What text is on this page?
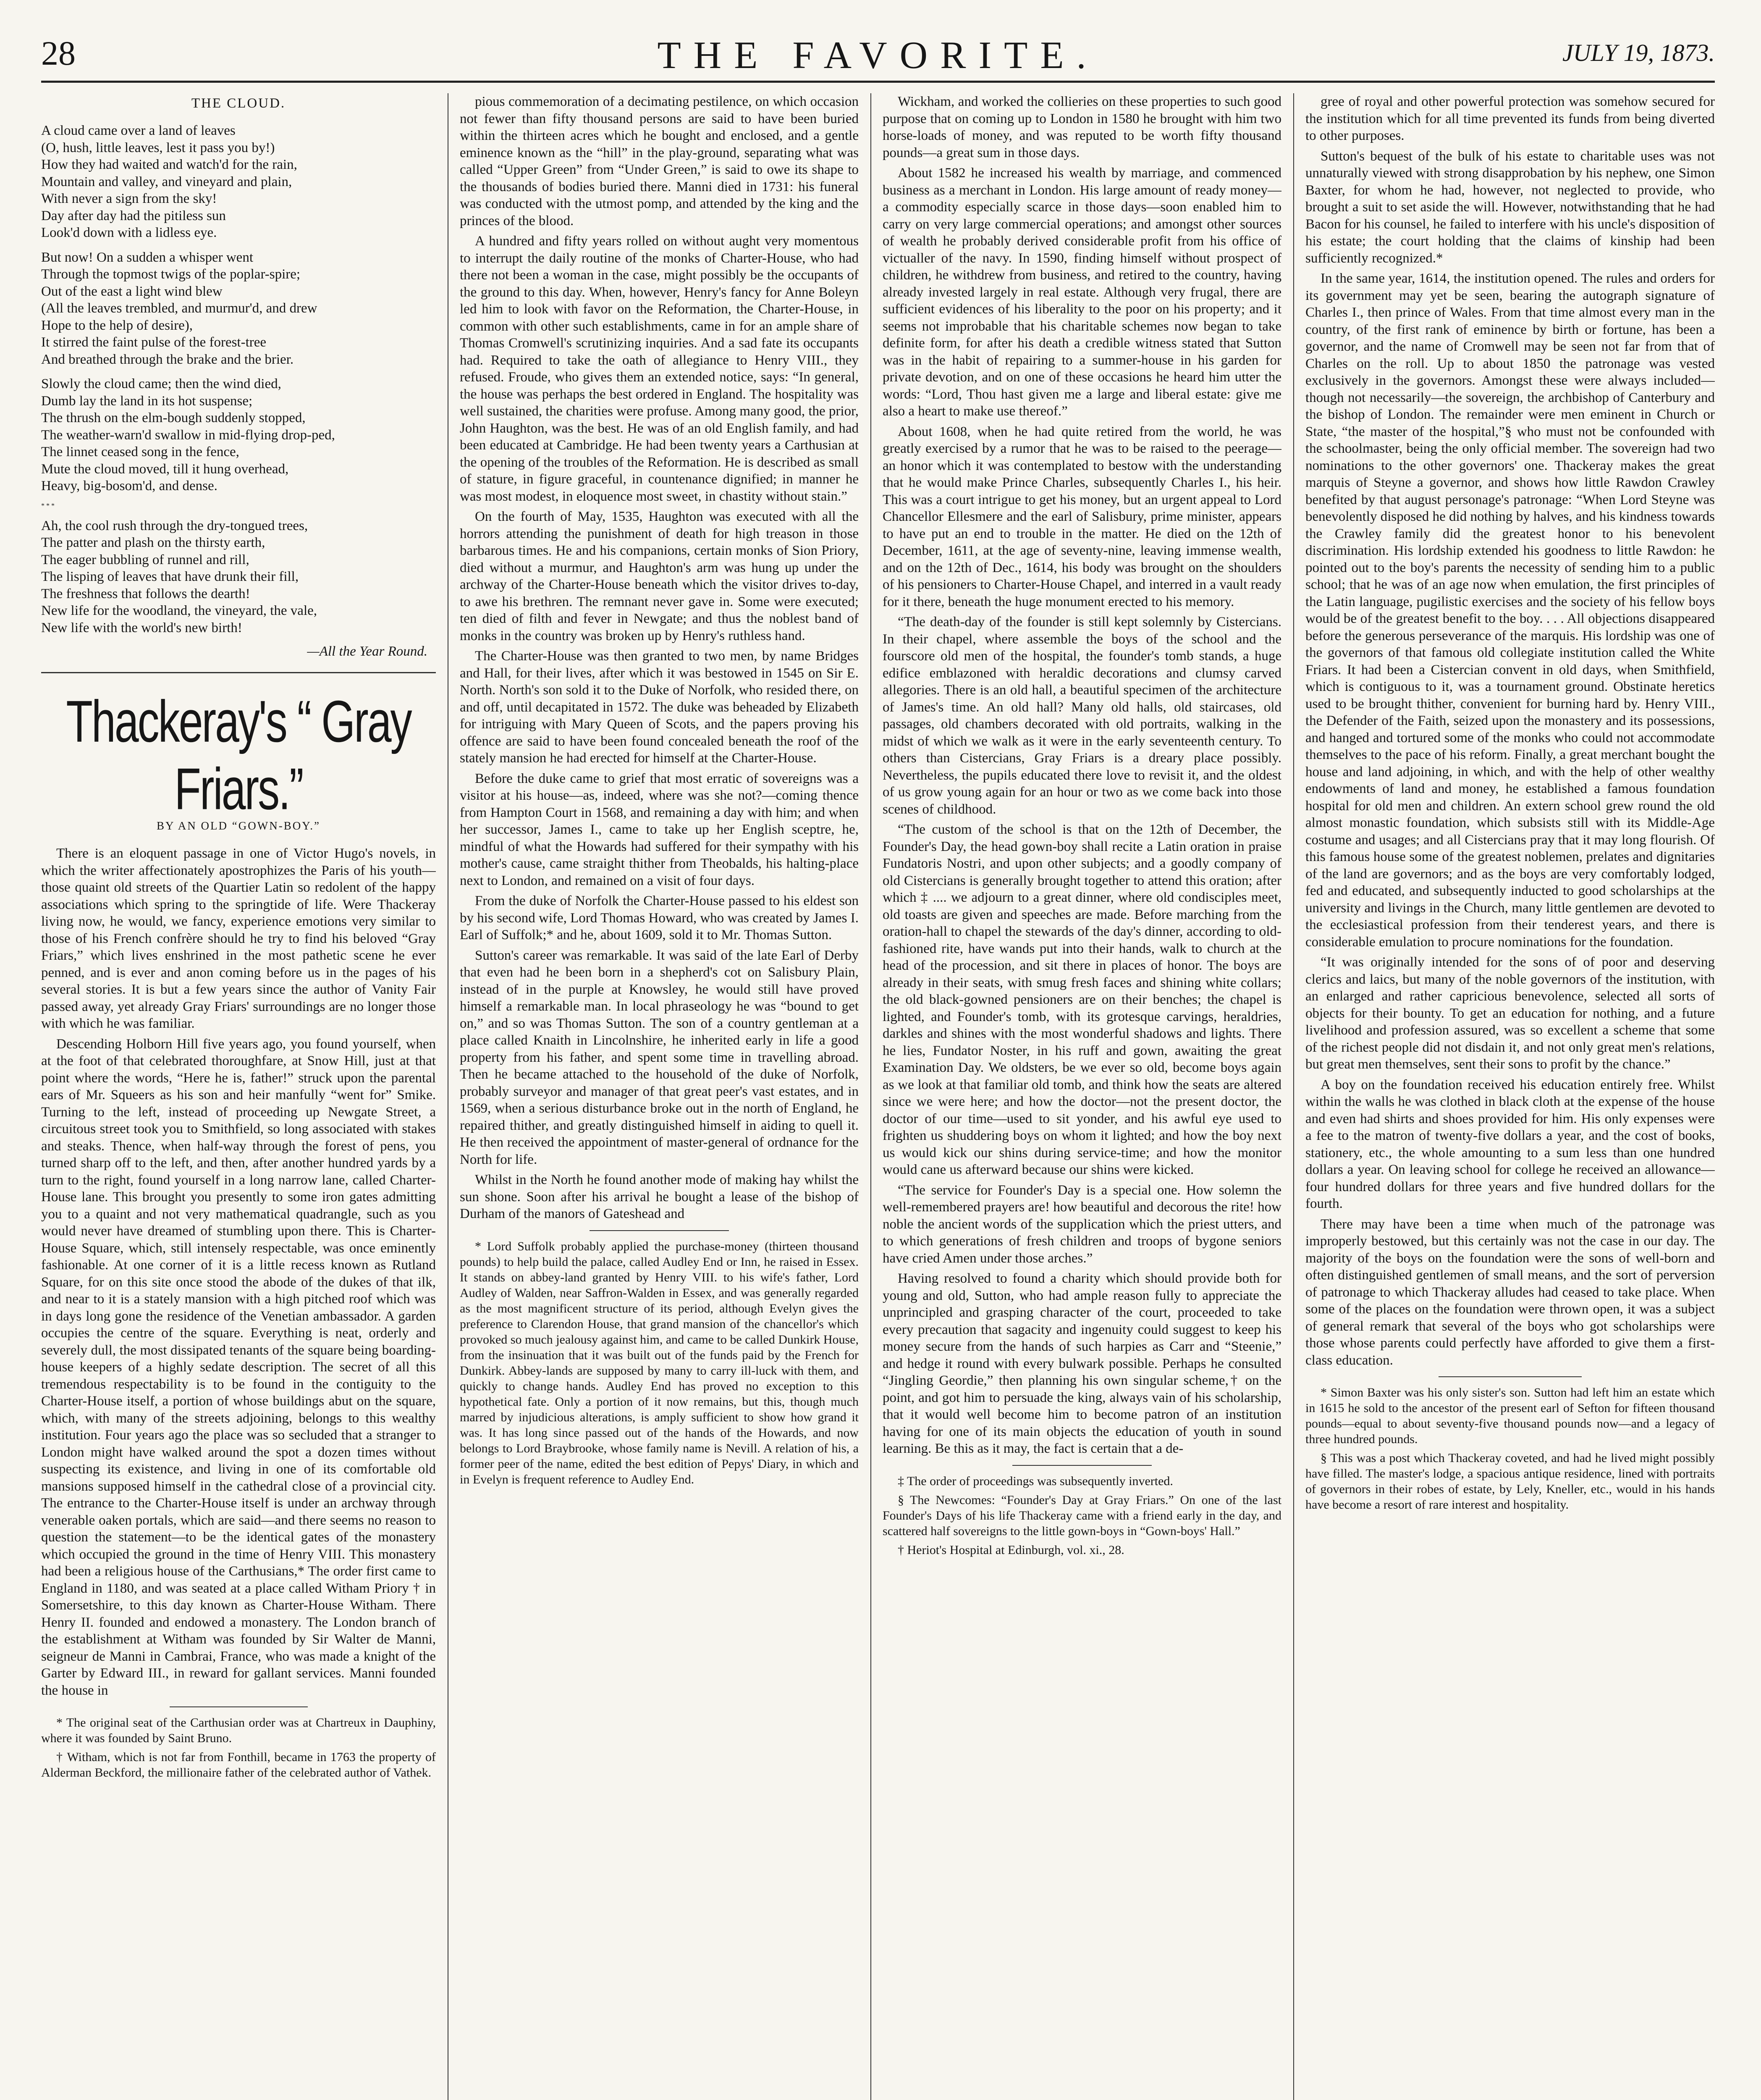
28	THE FAVORITE.	JULY 19, 1873.
THE CLOUD.
A cloud came over a land of leaves
(O, hush, little leaves, lest it pass you by!)
How they had waited and watch'd for the rain,
Mountain and valley, and vineyard and plain,
With never a sign from the sky!
Day after day had the pitiless sun
Look'd down with a lidless eye.
But now! On a sudden a whisper went
Through the topmost twigs of the poplar-spire;
Out of the east a light wind blew
(All the leaves trembled, and murmur'd, and drew
Hope to the help of desire),
It stirred the faint pulse of the forest-tree
And breathed through the brake and the brier.
Slowly the cloud came; then the wind died,
Dumb lay the land in its hot suspense;
The thrush on the elm-bough suddenly stopped,
The weather-warn'd swallow in mid-flying drop-ped,
The linnet ceased song in the fence,
Mute the cloud moved, till it hung overhead,
Heavy, big-bosom'd, and dense.
* * *
Ah, the cool rush through the dry-tongued trees,
The patter and plash on the thirsty earth,
The eager bubbling of runnel and rill,
The lisping of leaves that have drunk their fill,
The freshness that follows the dearth!
New life for the woodland, the vineyard, the vale,
New life with the world's new birth!
—All the Year Round.
Thackeray's “ Gray Friars.”
BY AN OLD “GOWN-BOY.”

There is an eloquent passage in one of Victor Hugo's novels, in which the writer affectionately apostrophizes the Paris of his youth—those quaint old streets of the Quartier Latin so redolent of the happy associations which spring to the springtide of life. Were Thackeray living now, he would, we fancy, experience emotions very similar to those of his French confrère should he try to find his beloved “Gray Friars,” which lives enshrined in the most pathetic scene he ever penned, and is ever and anon coming before us in the pages of his several stories. It is but a few years since the author of Vanity Fair passed away, yet already Gray Friars' surroundings are no longer those with which he was familiar.

Descending Holborn Hill five years ago, you found yourself, when at the foot of that celebrated thoroughfare, at Snow Hill, just at that point where the words, “Here he is, father!” struck upon the parental ears of Mr. Squeers as his son and heir manfully “went for” Smike. Turning to the left, instead of proceeding up Newgate Street, a circuitous street took you to Smithfield, so long associated with stakes and steaks. Thence, when half-way through the forest of pens, you turned sharp off to the left, and then, after another hundred yards by a turn to the right, found yourself in a long narrow lane, called Charter-House lane. This brought you presently to some iron gates admitting you to a quaint and not very mathematical quadrangle, such as you would never have dreamed of stumbling upon there. This is Charter-House Square, which, still intensely respectable, was once eminently fashionable. At one corner of it is a little recess known as Rutland Square, for on this site once stood the abode of the dukes of that ilk, and near to it is a stately mansion with a high pitched roof which was in days long gone the residence of the Venetian ambassador. A garden occupies the centre of the square. Everything is neat, orderly and severely dull, the most dissipated tenants of the square being boarding-house keepers of a highly sedate description. The secret of all this tremendous respectability is to be found in the contiguity to the Charter-House itself, a portion of whose buildings abut on the square, which, with many of the streets adjoining, belongs to this wealthy institution. Four years ago the place was so secluded that a stranger to London might have walked around the spot a dozen times without suspecting its existence, and living in one of its comfortable old mansions supposed himself in the cathedral close of a provincial city. The entrance to the Charter-House itself is under an archway through venerable oaken portals, which are said—and there seems no reason to question the statement—to be the identical gates of the monastery which occupied the ground in the time of Henry VIII. This monastery had been a religious house of the Carthusians,* The order first came to England in 1180, and was seated at a place called Witham Priory † in Somersetshire, to this day known as Charter-House Witham. There Henry II. founded and endowed a monastery. The London branch of the establishment at Witham was founded by Sir Walter de Manni, seigneur de Manni in Cambrai, France, who was made a knight of the Garter by Edward III., in reward for gallant services. Manni founded the house in

* The original seat of the Carthusian order was at Chartreux in Dauphiny, where it was founded by Saint Bruno.

† Witham, which is not far from Fonthill, became in 1763 the property of Alderman Beckford, the millionaire father of the celebrated author of Vathek.

pious commemoration of a decimating pestilence, on which occasion not fewer than fifty thousand persons are said to have been buried within the thirteen acres which he bought and enclosed, and a gentle eminence known as the “hill” in the play-ground, separating what was called “Upper Green” from “Under Green,” is said to owe its shape to the thousands of bodies buried there. Manni died in 1731: his funeral was conducted with the utmost pomp, and attended by the king and the princes of the blood.

A hundred and fifty years rolled on without aught very momentous to interrupt the daily routine of the monks of Charter-House, who had there not been a woman in the case, might possibly be the occupants of the ground to this day. When, however, Henry's fancy for Anne Boleyn led him to look with favor on the Reformation, the Charter-House, in common with other such establishments, came in for an ample share of Thomas Cromwell's scrutinizing inquiries. And a sad fate its occupants had. Required to take the oath of allegiance to Henry VIII., they refused. Froude, who gives them an extended notice, says: “In general, the house was perhaps the best ordered in England. The hospitality was well sustained, the charities were profuse. Among many good, the prior, John Haughton, was the best. He was of an old English family, and had been educated at Cambridge. He had been twenty years a Carthusian at the opening of the troubles of the Reformation. He is described as small of stature, in figure graceful, in countenance dignified; in manner he was most modest, in eloquence most sweet, in chastity without stain.”

On the fourth of May, 1535, Haughton was executed with all the horrors attending the punishment of death for high treason in those barbarous times. He and his companions, certain monks of Sion Priory, died without a murmur, and Haughton's arm was hung up under the archway of the Charter-House beneath which the visitor drives to-day, to awe his brethren. The remnant never gave in. Some were executed; ten died of filth and fever in Newgate; and thus the noblest band of monks in the country was broken up by Henry's ruthless hand.

The Charter-House was then granted to two men, by name Bridges and Hall, for their lives, after which it was bestowed in 1545 on Sir E. North. North's son sold it to the Duke of Norfolk, who resided there, on and off, until decapitated in 1572. The duke was beheaded by Elizabeth for intriguing with Mary Queen of Scots, and the papers proving his offence are said to have been found concealed beneath the roof of the stately mansion he had erected for himself at the Charter-House.

Before the duke came to grief that most erratic of sovereigns was a visitor at his house—as, indeed, where was she not?—coming thence from Hampton Court in 1568, and remaining a day with him; and when her successor, James I., came to take up her English sceptre, he, mindful of what the Howards had suffered for their sympathy with his mother's cause, came straight thither from Theobalds, his halting-place next to London, and remained on a visit of four days.

From the duke of Norfolk the Charter-House passed to his eldest son by his second wife, Lord Thomas Howard, who was created by James I. Earl of Suffolk;* and he, about 1609, sold it to Mr. Thomas Sutton.

Sutton's career was remarkable. It was said of the late Earl of Derby that even had he been born in a shepherd's cot on Salisbury Plain, instead of in the purple at Knowsley, he would still have proved himself a remarkable man. In local phraseology he was “bound to get on,” and so was Thomas Sutton. The son of a country gentleman at a place called Knaith in Lincolnshire, he inherited early in life a good property from his father, and spent some time in travelling abroad. Then he became attached to the household of the duke of Norfolk, probably surveyor and manager of that great peer's vast estates, and in 1569, when a serious disturbance broke out in the north of England, he repaired thither, and greatly distinguished himself in aiding to quell it. He then received the appointment of master-general of ordnance for the North for life.

Whilst in the North he found another mode of making hay whilst the sun shone. Soon after his arrival he bought a lease of the bishop of Durham of the manors of Gateshead and

* Lord Suffolk probably applied the purchase-money (thirteen thousand pounds) to help build the palace, called Audley End or Inn, he raised in Essex. It stands on abbey-land granted by Henry VIII. to his wife's father, Lord Audley of Walden, near Saffron-Walden in Essex, and was generally regarded as the most magnificent structure of its period, although Evelyn gives the preference to Clarendon House, that grand mansion of the chancellor's which provoked so much jealousy against him, and came to be called Dunkirk House, from the insinuation that it was built out of the funds paid by the French for Dunkirk. Abbey-lands are supposed by many to carry ill-luck with them, and quickly to change hands. Audley End has proved no exception to this hypothetical fate. Only a portion of it now remains, but this, though much marred by injudicious alterations, is amply sufficient to show how grand it was. It has long since passed out of the hands of the Howards, and now belongs to Lord Braybrooke, whose family name is Nevill. A relation of his, a former peer of the name, edited the best edition of Pepys' Diary, in which and in Evelyn is frequent reference to Audley End.

Wickham, and worked the collieries on these properties to such good purpose that on coming up to London in 1580 he brought with him two horse-loads of money, and was reputed to be worth fifty thousand pounds—a great sum in those days.

About 1582 he increased his wealth by marriage, and commenced business as a merchant in London. His large amount of ready money—a commodity especially scarce in those days—soon enabled him to carry on very large commercial operations; and amongst other sources of wealth he probably derived considerable profit from his office of victualler of the navy. In 1590, finding himself without prospect of children, he withdrew from business, and retired to the country, having already invested largely in real estate. Although very frugal, there are sufficient evidences of his liberality to the poor on his property; and it seems not improbable that his charitable schemes now began to take definite form, for after his death a credible witness stated that Sutton was in the habit of repairing to a summer-house in his garden for private devotion, and on one of these occasions he heard him utter the words: “Lord, Thou hast given me a large and liberal estate: give me also a heart to make use thereof.”

About 1608, when he had quite retired from the world, he was greatly exercised by a rumor that he was to be raised to the peerage—an honor which it was contemplated to bestow with the understanding that he would make Prince Charles, subsequently Charles I., his heir. This was a court intrigue to get his money, but an urgent appeal to Lord Chancellor Ellesmere and the earl of Salisbury, prime minister, appears to have put an end to trouble in the matter. He died on the 12th of December, 1611, at the age of seventy-nine, leaving immense wealth, and on the 12th of Dec., 1614, his body was brought on the shoulders of his pensioners to Charter-House Chapel, and interred in a vault ready for it there, beneath the huge monument erected to his memory.

“The death-day of the founder is still kept solemnly by Cistercians. In their chapel, where assemble the boys of the school and the fourscore old men of the hospital, the founder's tomb stands, a huge edifice emblazoned with heraldic decorations and clumsy carved allegories. There is an old hall, a beautiful specimen of the architecture of James's time. An old hall? Many old halls, old staircases, old passages, old chambers decorated with old portraits, walking in the midst of which we walk as it were in the early seventeenth century. To others than Cistercians, Gray Friars is a dreary place possibly. Nevertheless, the pupils educated there love to revisit it, and the oldest of us grow young again for an hour or two as we come back into those scenes of childhood.

“The custom of the school is that on the 12th of December, the Founder's Day, the head gown-boy shall recite a Latin oration in praise Fundatoris Nostri, and upon other subjects; and a goodly company of old Cistercians is generally brought together to attend this oration; after which ‡ .... we adjourn to a great dinner, where old condisciples meet, old toasts are given and speeches are made. Before marching from the oration-hall to chapel the stewards of the day's dinner, according to old-fashioned rite, have wands put into their hands, walk to church at the head of the procession, and sit there in places of honor. The boys are already in their seats, with smug fresh faces and shining white collars; the old black-gowned pensioners are on their benches; the chapel is lighted, and Founder's tomb, with its grotesque carvings, heraldries, darkles and shines with the most wonderful shadows and lights. There he lies, Fundator Noster, in his ruff and gown, awaiting the great Examination Day. We oldsters, be we ever so old, become boys again as we look at that familiar old tomb, and think how the seats are altered since we were here; and how the doctor—not the present doctor, the doctor of our time—used to sit yonder, and his awful eye used to frighten us shuddering boys on whom it lighted; and how the boy next us would kick our shins during service-time; and how the monitor would cane us afterward because our shins were kicked.

“The service for Founder's Day is a special one. How solemn the well-remembered prayers are! how beautiful and decorous the rite! how noble the ancient words of the supplication which the priest utters, and to which generations of fresh children and troops of bygone seniors have cried Amen under those arches.”

Having resolved to found a charity which should provide both for young and old, Sutton, who had ample reason fully to appreciate the unprincipled and grasping character of the court, proceeded to take every precaution that sagacity and ingenuity could suggest to keep his money secure from the hands of such harpies as Carr and “Steenie,” and hedge it round with every bulwark possible. Perhaps he consulted “Jingling Geordie,” then planning his own singular scheme,† on the point, and got him to persuade the king, always vain of his scholarship, that it would well become him to become patron of an institution having for one of its main objects the education of youth in sound learning. Be this as it may, the fact is certain that a de-

‡ The order of proceedings was subsequently inverted.

§ The Newcomes: “Founder's Day at Gray Friars.” On one of the last Founder's Days of his life Thackeray came with a friend early in the day, and scattered half sovereigns to the little gown-boys in “Gown-boys' Hall.”

† Heriot's Hospital at Edinburgh, vol. xi., 28.

gree of royal and other powerful protection was somehow secured for the institution which for all time prevented its funds from being diverted to other purposes.

Sutton's bequest of the bulk of his estate to charitable uses was not unnaturally viewed with strong disapprobation by his nephew, one Simon Baxter, for whom he had, however, not neglected to provide, who brought a suit to set aside the will. However, notwithstanding that he had Bacon for his counsel, he failed to interfere with his uncle's disposition of his estate; the court holding that the claims of kinship had been sufficiently recognized.*

In the same year, 1614, the institution opened. The rules and orders for its government may yet be seen, bearing the autograph signature of Charles I., then prince of Wales. From that time almost every man in the country, of the first rank of eminence by birth or fortune, has been a governor, and the name of Cromwell may be seen not far from that of Charles on the roll. Up to about 1850 the patronage was vested exclusively in the governors. Amongst these were always included—though not necessarily—the sovereign, the archbishop of Canterbury and the bishop of London. The remainder were men eminent in Church or State, “the master of the hospital,”§ who must not be confounded with the schoolmaster, being the only official member. The sovereign had two nominations to the other governors' one. Thackeray makes the great marquis of Steyne a governor, and shows how little Rawdon Crawley benefited by that august personage's patronage: “When Lord Steyne was benevolently disposed he did nothing by halves, and his kindness towards the Crawley family did the greatest honor to his benevolent discrimination. His lordship extended his goodness to little Rawdon: he pointed out to the boy's parents the necessity of sending him to a public school; that he was of an age now when emulation, the first principles of the Latin language, pugilistic exercises and the society of his fellow boys would be of the greatest benefit to the boy. . . . All objections disappeared before the generous perseverance of the marquis. His lordship was one of the governors of that famous old collegiate institution called the White Friars. It had been a Cistercian convent in old days, when Smithfield, which is contiguous to it, was a tournament ground. Obstinate heretics used to be brought thither, convenient for burning hard by. Henry VIII., the Defender of the Faith, seized upon the monastery and its possessions, and hanged and tortured some of the monks who could not accommodate themselves to the pace of his reform. Finally, a great merchant bought the house and land adjoining, in which, and with the help of other wealthy endowments of land and money, he established a famous foundation hospital for old men and children. An extern school grew round the old almost monastic foundation, which subsists still with its Middle-Age costume and usages; and all Cistercians pray that it may long flourish. Of this famous house some of the greatest noblemen, prelates and dignitaries of the land are governors; and as the boys are very comfortably lodged, fed and educated, and subsequently inducted to good scholarships at the university and livings in the Church, many little gentlemen are devoted to the ecclesiastical profession from their tenderest years, and there is considerable emulation to procure nominations for the foundation.

“It was originally intended for the sons of of poor and deserving clerics and laics, but many of the noble governors of the institution, with an enlarged and rather capricious benevolence, selected all sorts of objects for their bounty. To get an education for nothing, and a future livelihood and profession assured, was so excellent a scheme that some of the richest people did not disdain it, and not only great men's relations, but great men themselves, sent their sons to profit by the chance.”

A boy on the foundation received his education entirely free. Whilst within the walls he was clothed in black cloth at the expense of the house and even had shirts and shoes provided for him. His only expenses were a fee to the matron of twenty-five dollars a year, and the cost of books, stationery, etc., the whole amounting to a sum less than one hundred dollars a year. On leaving school for college he received an allowance—four hundred dollars for three years and five hundred dollars for the fourth.

There may have been a time when much of the patronage was improperly bestowed, but this certainly was not the case in our day. The majority of the boys on the foundation were the sons of well-born and often distinguished gentlemen of small means, and the sort of perversion of patronage to which Thackeray alludes had ceased to take place. When some of the places on the foundation were thrown open, it was a subject of general remark that several of the boys who got scholarships were those whose parents could perfectly have afforded to give them a first-class education.

* Simon Baxter was his only sister's son. Sutton had left him an estate which in 1615 he sold to the ancestor of the present earl of Sefton for fifteen thousand pounds—equal to about seventy-five thousand pounds now—and a legacy of three hundred pounds.

§ This was a post which Thackeray coveted, and had he lived might possibly have filled. The master's lodge, a spacious antique residence, lined with portraits of governors in their robes of estate, by Lely, Kneller, etc., would in his hands have become a resort of rare interest and hospitality.
